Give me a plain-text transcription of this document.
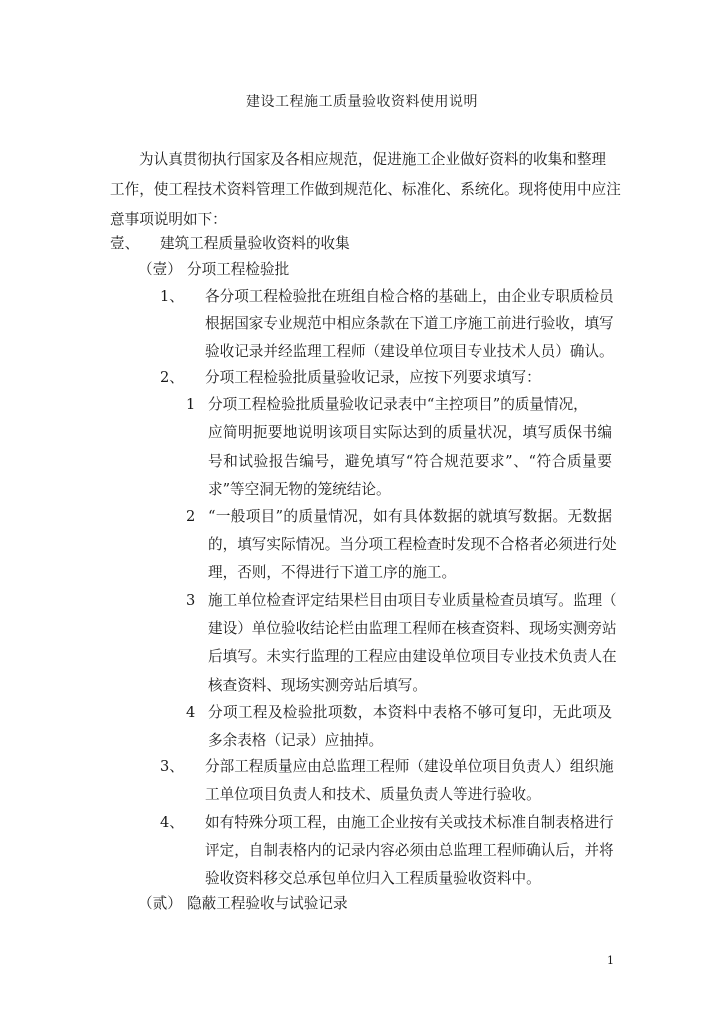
建设工程施工质量验收资料使用说明
为认真贯彻执行国家及各相应规范，促进施工企业做好资料的收集和整理
工作，使工程技术资料管理工作做到规范化、标准化、系统化。现将使用中应注
意事项说明如下：
壹、 建筑工程质量验收资料的收集
（壹） 分项工程检验批
1、 各分项工程检验批在班组自检合格的基础上，由企业专职质检员
根据国家专业规范中相应条款在下道工序施工前进行验收，填写
验收记录并经监理工程师（建设单位项目专业技术人员）确认。
2、 分项工程检验批质量验收记录，应按下列要求填写：
1 分项工程检验批质量验收记录表中“主控项目”的质量情况，
应简明扼要地说明该项目实际达到的质量状况，填写质保书编
号和试验报告编号，避免填写“符合规范要求”、“符合质量要
求”等空洞无物的笼统结论。
2 “一般项目”的质量情况，如有具体数据的就填写数据。无数据
的，填写实际情况。当分项工程检查时发现不合格者必须进行处
理，否则，不得进行下道工序的施工。
3 施工单位检查评定结果栏目由项目专业质量检查员填写。监理（
建设）单位验收结论栏由监理工程师在核查资料、现场实测旁站
后填写。未实行监理的工程应由建设单位项目专业技术负责人在
核查资料、现场实测旁站后填写。
4 分项工程及检验批项数，本资料中表格不够可复印，无此项及
多余表格（记录）应抽掉。
3、 分部工程质量应由总监理工程师（建设单位项目负责人）组织施
工单位项目负责人和技术、质量负责人等进行验收。
4、 如有特殊分项工程，由施工企业按有关或技术标准自制表格进行
评定，自制表格内的记录内容必须由总监理工程师确认后，并将
验收资料移交总承包单位归入工程质量验收资料中。
（贰） 隐蔽工程验收与试验记录
1
